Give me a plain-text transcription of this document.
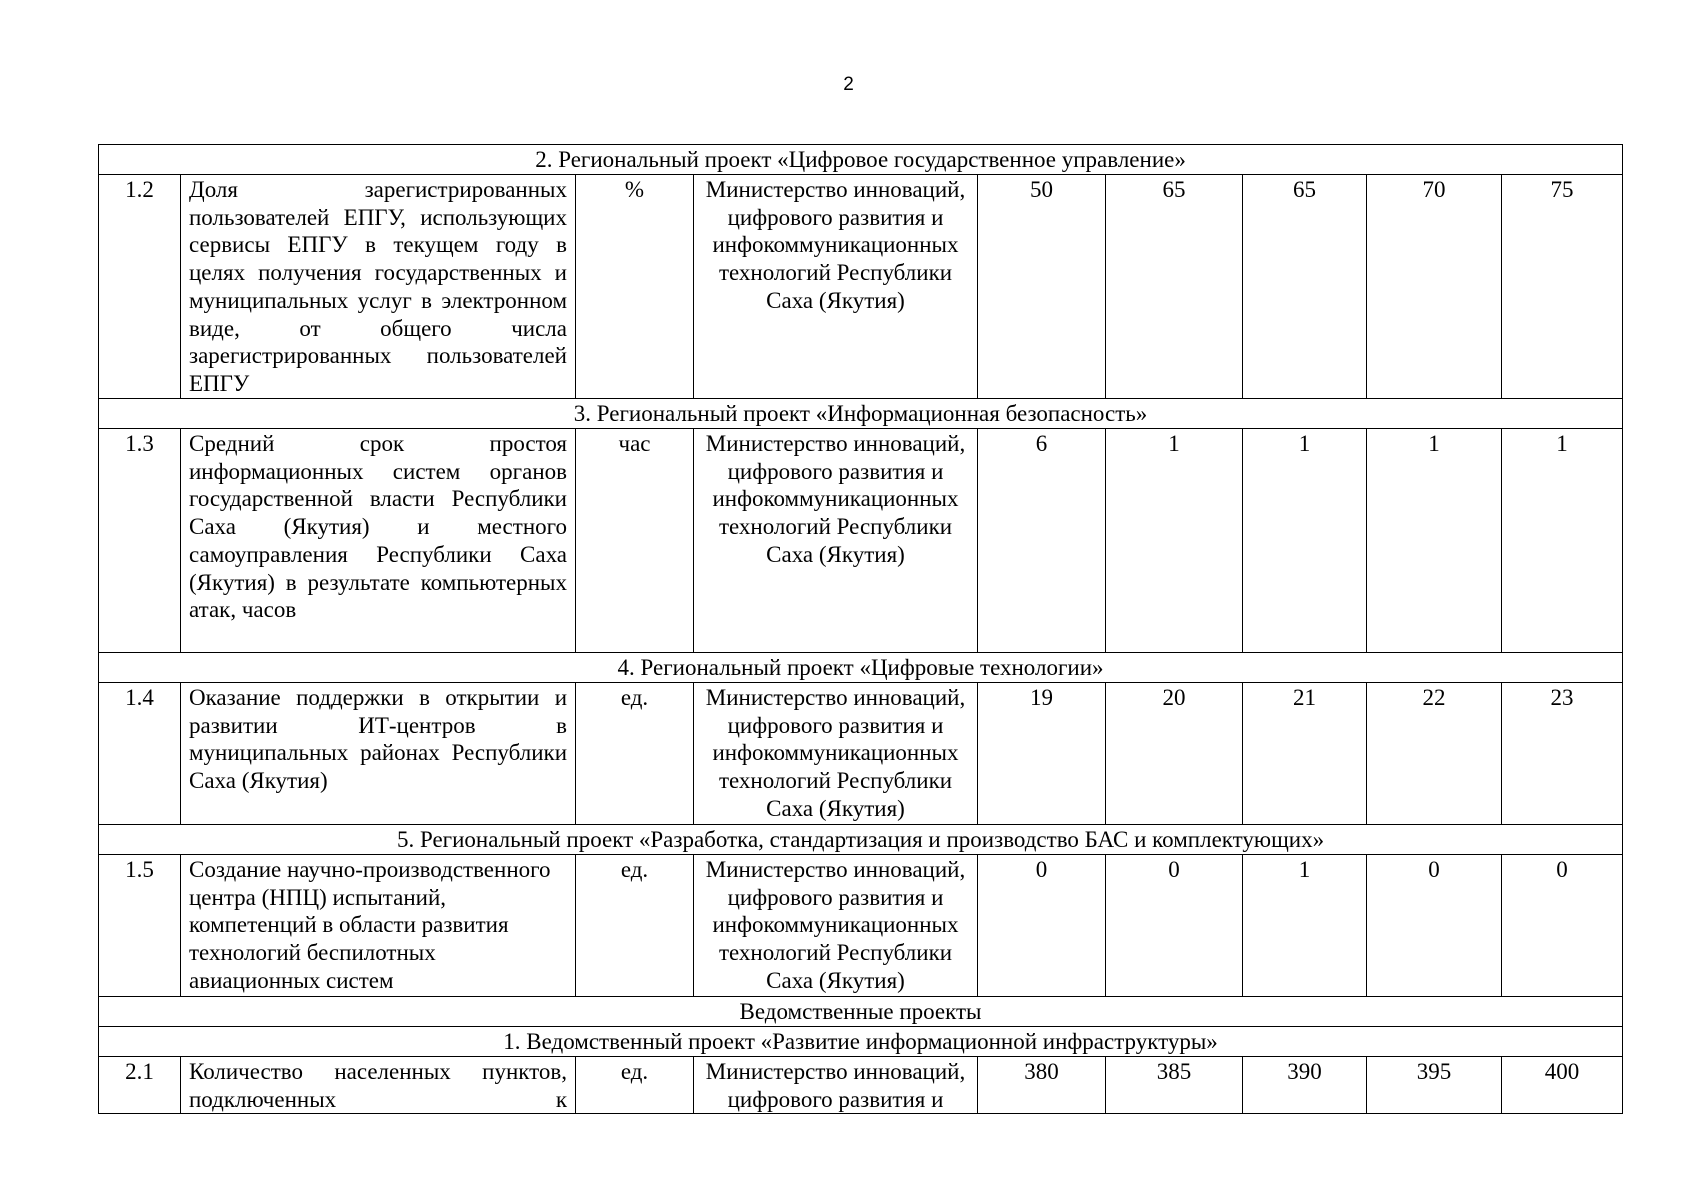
2
2. Региональный проект «Цифровое государственное управление»								
1.2	Доля зарегистрированных пользователей ЕПГУ, использующих сервисы ЕПГУ в текущем году в целях получения государственных и муниципальных услуг в электронном виде, от общего числа зарегистрированных пользователей ЕПГУ	%	Министерство инноваций, цифрового развития и инфокоммуникационных технологий Республики Саха (Якутия)	50	65	65	70	75
3. Региональный проект «Информационная безопасность»								
1.3	Средний срок простоя информационных систем органов государственной власти Республики Саха (Якутия) и местного самоуправления Республики Саха (Якутия) в результате компьютерных атак, часов	час	Министерство инноваций, цифрового развития и инфокоммуникационных технологий Республики Саха (Якутия)	6	1	1	1	1
4. Региональный проект «Цифровые технологии»								
1.4	Оказание поддержки в открытии и развитии ИТ-центров в муниципальных районах Республики Саха (Якутия)	ед.	Министерство инноваций, цифрового развития и инфокоммуникационных технологий Республики Саха (Якутия)	19	20	21	22	23
5. Региональный проект «Разработка, стандартизация и производство БАС и комплектующих»								
1.5	Создание научно-производственного центра (НПЦ) испытаний, компетенций в области развития технологий беспилотных авиационных систем	ед.	Министерство инноваций, цифрового развития и инфокоммуникационных технологий Республики Саха (Якутия)	0	0	1	0	0
Ведомственные проекты								
1. Ведомственный проект «Развитие информационной инфраструктуры»								
2.1	Количество населенных пунктов, подключенных к	ед.	Министерство инноваций, цифрового развития и	380	385	390	395	400
